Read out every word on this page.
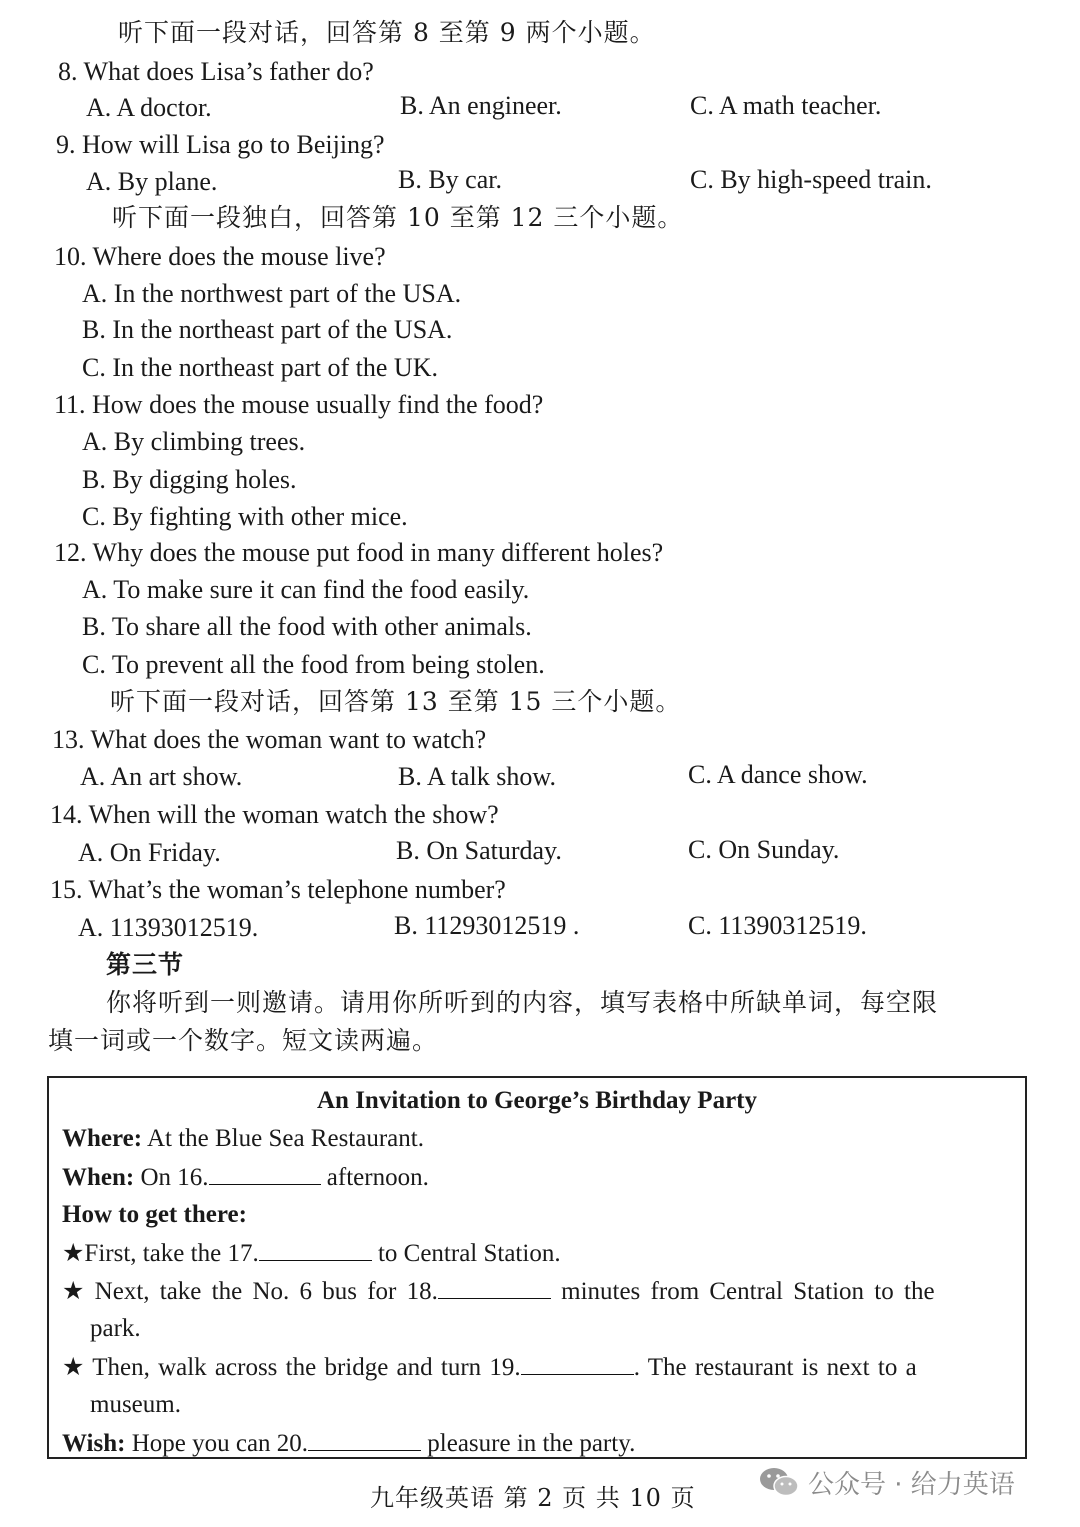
听下面一段对话，回答第 8 至第 9 两个小题。
8. What does Lisa’s father do?
A. A doctor.	B. An engineer.	C. A math teacher.
9. How will Lisa go to Beijing?
A. By plane.	B. By car.	C. By high-speed train.
听下面一段独白，回答第 10 至第 12 三个小题。
10. Where does the mouse live?
A. In the northwest part of the USA.
B. In the northeast part of the USA.
C. In the northeast part of the UK.
11. How does the mouse usually find the food?
A. By climbing trees.
B. By digging holes.
C. By fighting with other mice.
12. Why does the mouse put food in many different holes?
A. To make sure it can find the food easily.
B. To share all the food with other animals.
C. To prevent all the food from being stolen.
听下面一段对话，回答第 13 至第 15 三个小题。
13. What does the woman want to watch?
A. An art show.	B. A talk show.	C. A dance show.
14. When will the woman watch the show?
A. On Friday.	B. On Saturday.	C. On Sunday.
15. What’s the woman’s telephone number?
A. 11393012519.	B. 11293012519 .	C. 11390312519.
第三节
你将听到一则邀请。请用你所听到的内容，填写表格中所缺单词，每空限
填一词或一个数字。短文读两遍。
An Invitation to George’s Birthday Party
Where: At the Blue Sea Restaurant.
When: On 16.	afternoon.
How to get there:
★First, take the 17.	to Central Station.
★ Next, take the No. 6 bus for 18.	minutes from Central Station to the
park.
★ Then, walk across the bridge and turn 19.	. The restaurant is next to a
museum.
Wish: Hope you can 20.	pleasure in the party.
九年级英语 第 2 页 共 10 页	公众号 · 给力英语
